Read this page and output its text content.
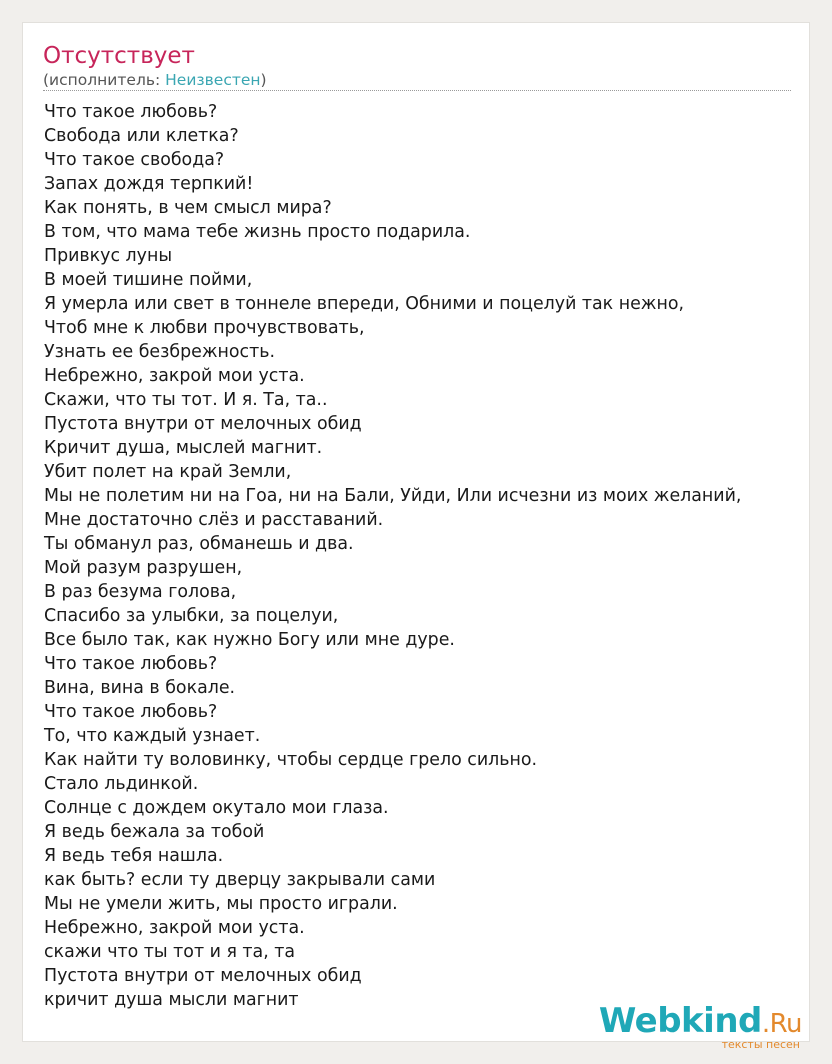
Отсутствует
(исполнитель: Неизвестен)
Что такое любовь?
Свобода или клетка?
Что такое свобода?
Запах дождя терпкий!
Как понять, в чем смысл мира?
В том, что мама тебе жизнь просто подарила.
Привкус луны
В моей тишине пойми,
Я умерла или свет в тоннеле впереди, Обними и поцелуй так нежно,
Чтоб мне к любви прочувствовать,
Узнать ее безбрежность.
Небрежно, закрой мои уста.
Скажи, что ты тот. И я. Та, та..
Пустота внутри от мелочных обид
Кричит душа, мыслей магнит.
Убит полет на край Земли,
Мы не полетим ни на Гоа, ни на Бали, Уйди, Или исчезни из моих желаний,
Мне достаточно слёз и расставаний.
Ты обманул раз, обманешь и два.
Мой разум разрушен,
В раз безума голова,
Спасибо за улыбки, за поцелуи,
Все было так, как нужно Богу или мне дуре.
Что такое любовь?
Вина, вина в бокале.
Что такое любовь?
То, что каждый узнает.
Как найти ту воловинку, чтобы сердце грело сильно.
Стало льдинкой.
Солнце с дождем окутало мои глаза.
Я ведь бежала за тобой
Я ведь тебя нашла.
как быть? если ту дверцу закрывали сами
Мы не умели жить, мы просто играли.
Небрежно, закрой мои уста.
скажи что ты тот и я та, та
Пустота внутри от мелочных обид
кричит душа мысли магнит
Webkind.Ru
тексты песен
